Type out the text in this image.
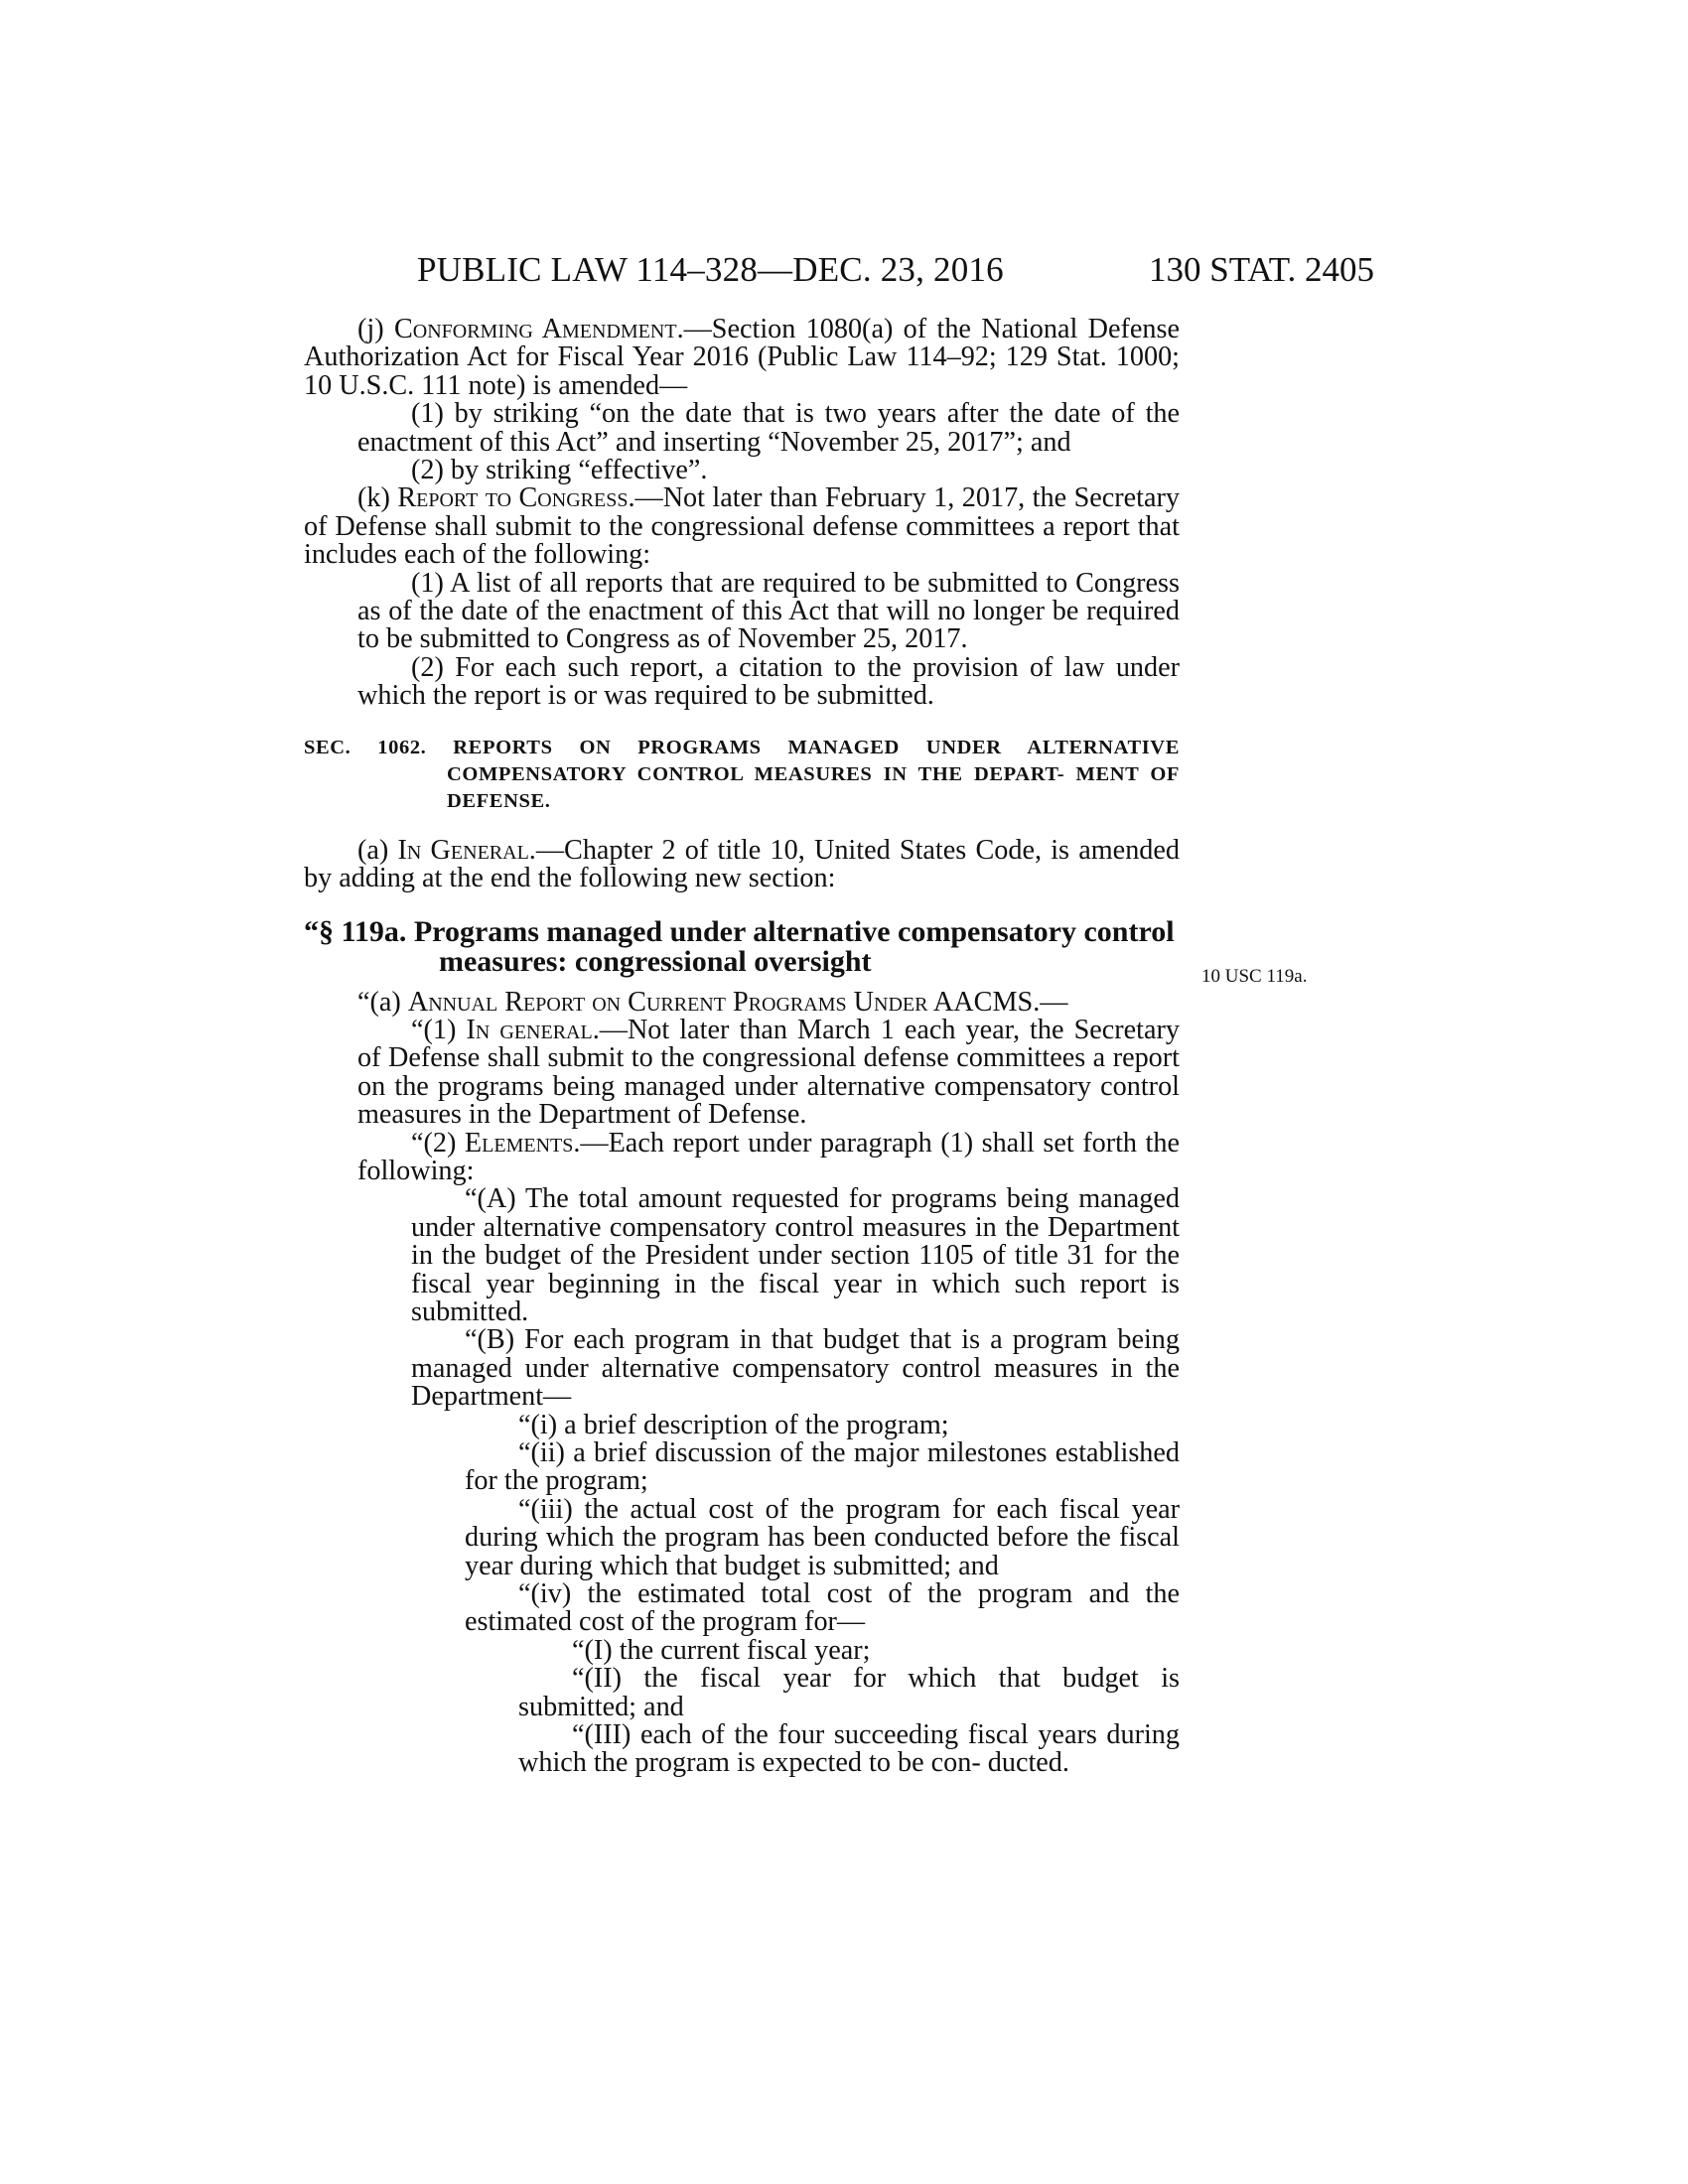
PUBLIC LAW 114–328—DEC. 23, 2016	130 STAT. 2405
10 USC 119a.

(j) Conforming Amendment.—Section 1080(a) of the National Defense Authorization Act for Fiscal Year 2016 (Public Law 114–92; 129 Stat. 1000; 10 U.S.C. 111 note) is amended—

(1) by striking “on the date that is two years after the date of the enactment of this Act” and inserting “November 25, 2017”; and

(2) by striking “effective”.

(k) Report to Congress.—Not later than February 1, 2017, the Secretary of Defense shall submit to the congressional defense committees a report that includes each of the following:

(1) A list of all reports that are required to be submitted to Congress as of the date of the enactment of this Act that will no longer be required to be submitted to Congress as of November 25, 2017.

(2) For each such report, a citation to the provision of law under which the report is or was required to be submitted.

SEC. 1062. REPORTS ON PROGRAMS MANAGED UNDER ALTERNATIVE COMPENSATORY CONTROL MEASURES IN THE DEPART- MENT OF DEFENSE.

(a) In General.—Chapter 2 of title 10, United States Code, is amended by adding at the end the following new section:

“§ 119a. Programs managed under alternative compensatory control measures: congressional oversight

“(a) Annual Report on Current Programs Under AACMS.—

“(1) In general.—Not later than March 1 each year, the Secretary of Defense shall submit to the congressional defense committees a report on the programs being managed under alternative compensatory control measures in the Department of Defense.

“(2) Elements.—Each report under paragraph (1) shall set forth the following:

“(A) The total amount requested for programs being managed under alternative compensatory control measures in the Department in the budget of the President under section 1105 of title 31 for the fiscal year beginning in the fiscal year in which such report is submitted.

“(B) For each program in that budget that is a program being managed under alternative compensatory control measures in the Department—

“(i) a brief description of the program;

“(ii) a brief discussion of the major milestones established for the program;

“(iii) the actual cost of the program for each fiscal year during which the program has been conducted before the fiscal year during which that budget is submitted; and

“(iv) the estimated total cost of the program and the estimated cost of the program for—

“(I) the current fiscal year;

“(II) the fiscal year for which that budget is submitted; and

“(III) each of the four succeeding fiscal years during which the program is expected to be con- ducted.
